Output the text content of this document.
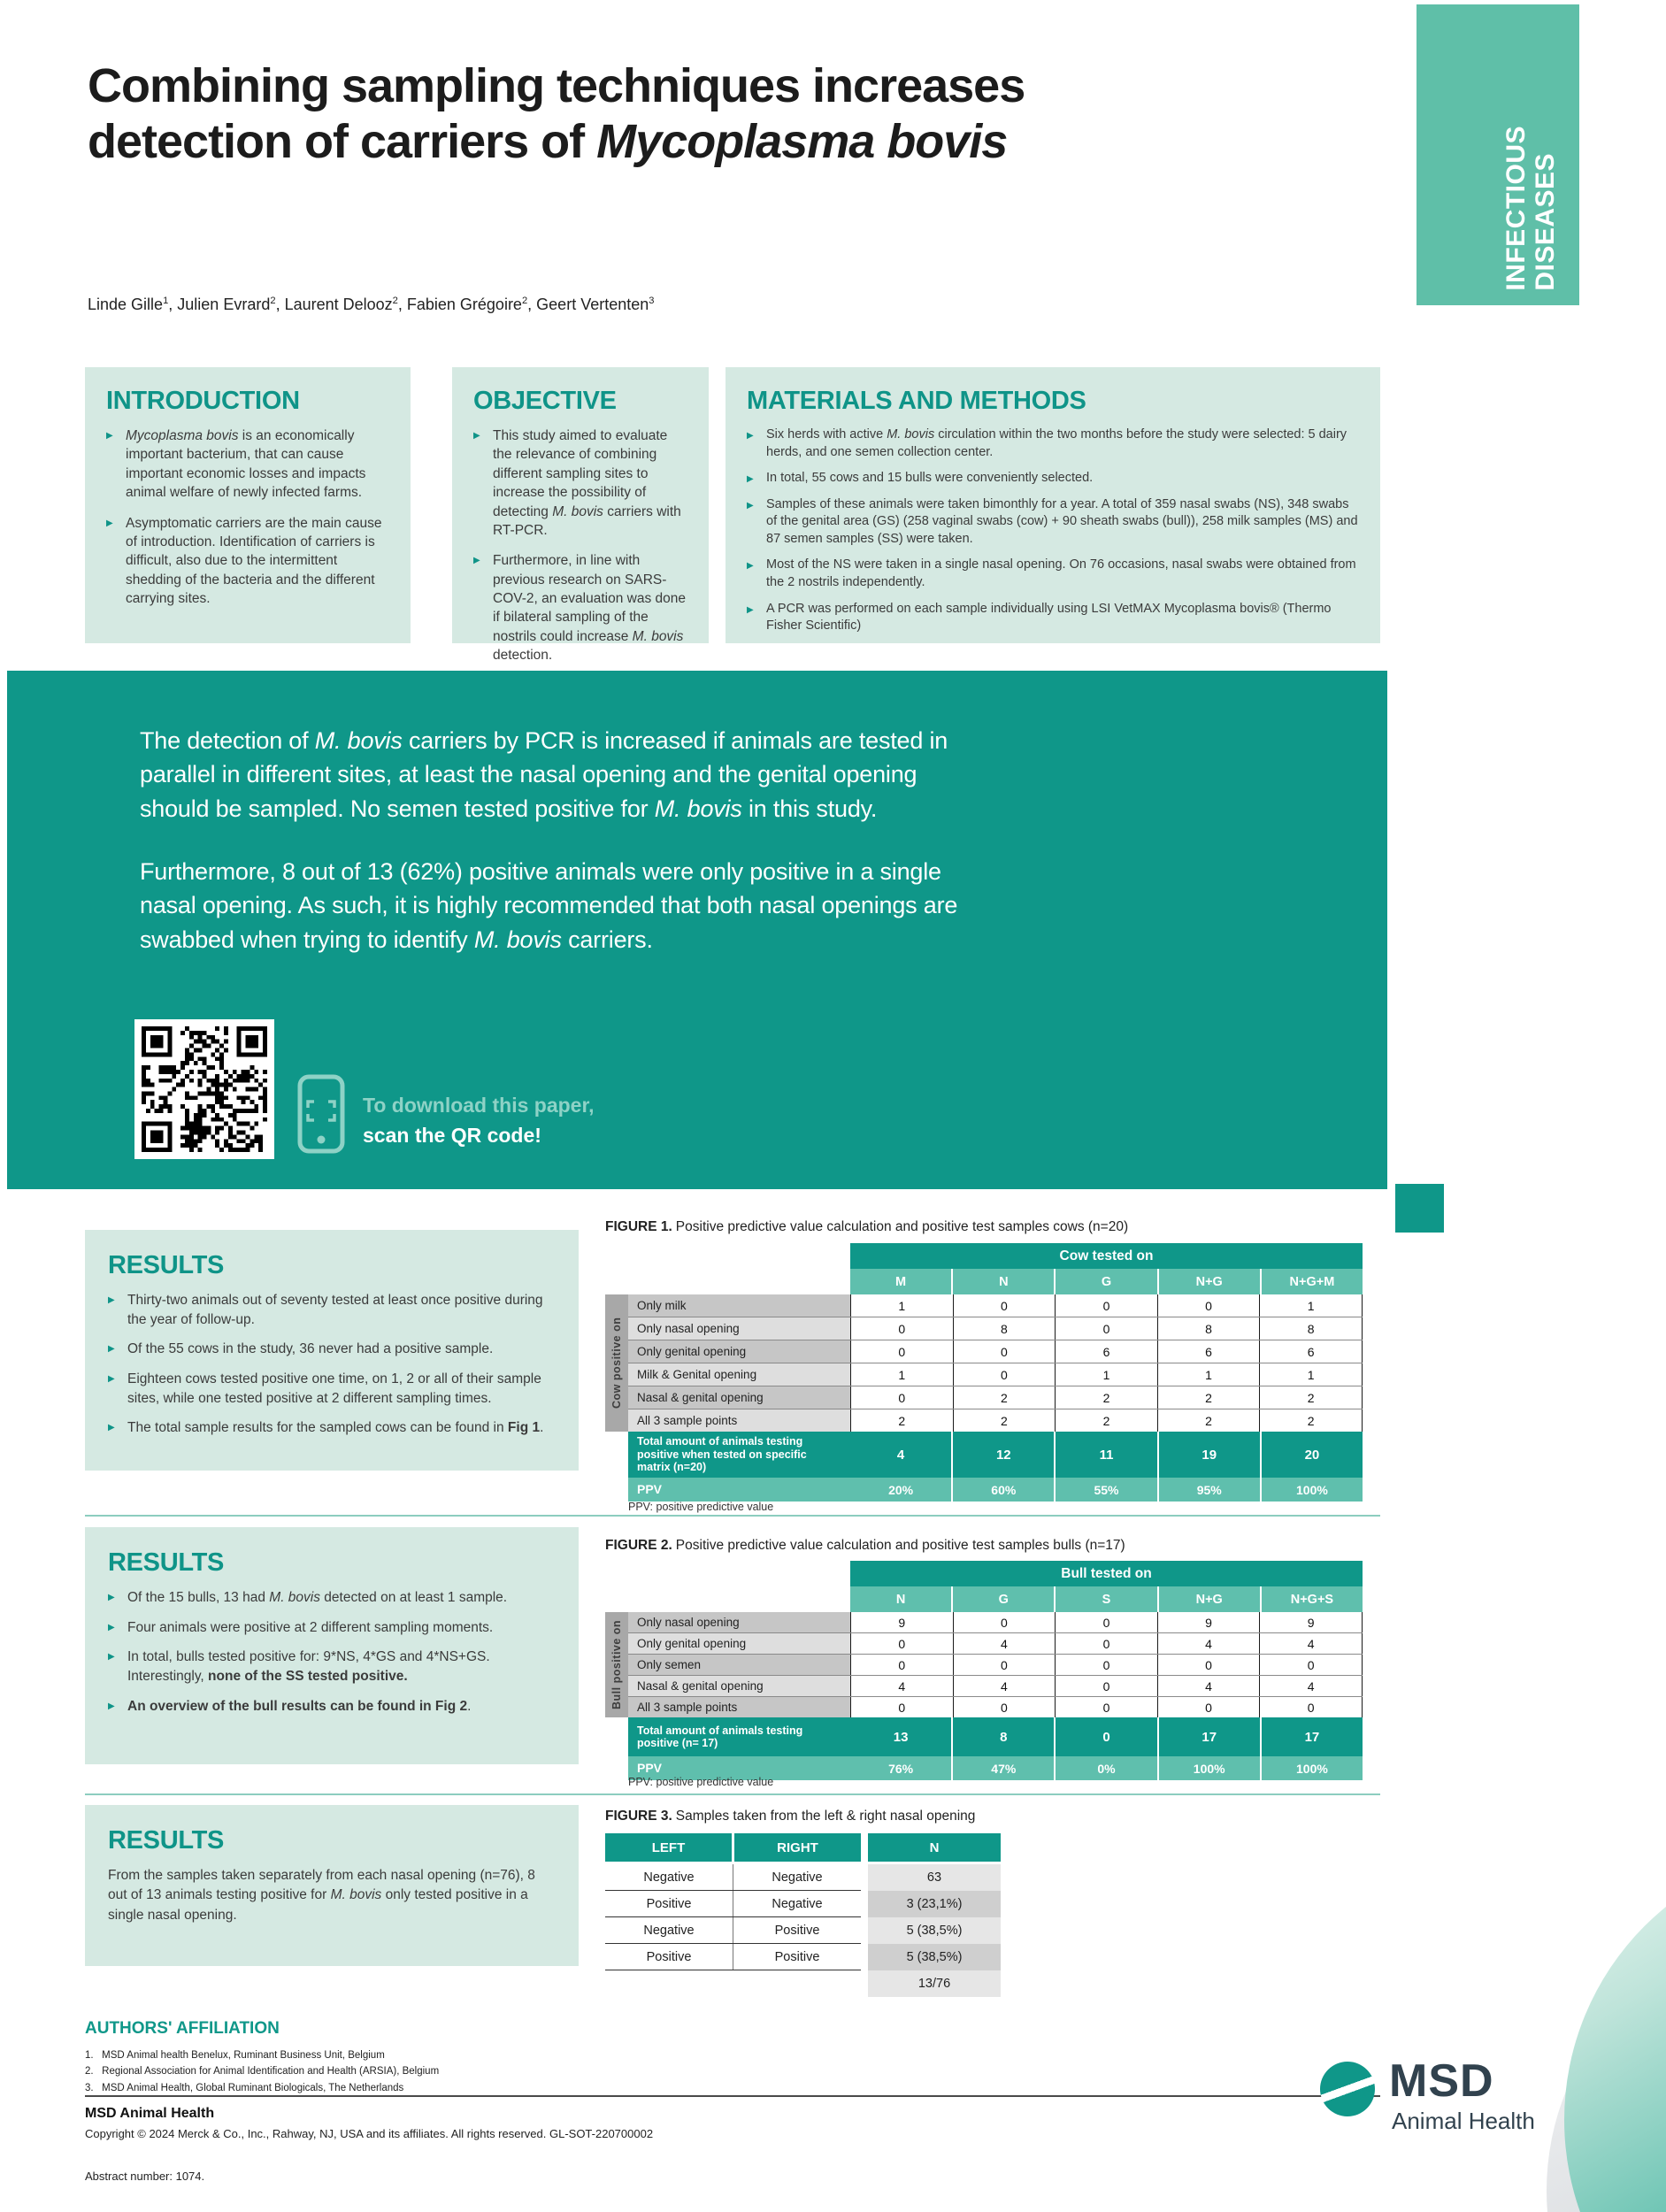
INFECTIOUS DISEASES
Combining sampling techniques increases
detection of carriers of Mycoplasma bovis
Linde Gille$^1$, Julien Evrard$^2$, Laurent Delooz$^2$, Fabien Grégoire$^2$, Geert Vertenten$^3$
INTRODUCTION
▶ Mycoplasma bovis is an economically important bacterium, that can cause important economic losses and impacts animal welfare of newly infected farms.
▶ Asymptomatic carriers are the main cause of introduction. Identification of carriers is difficult, also due to the intermittent shedding of the bacteria and the different carrying sites.
OBJECTIVE
▶ This study aimed to evaluate the relevance of combining different sampling sites to increase the possibility of detecting M. bovis carriers with RT-PCR.
▶ Furthermore, in line with previous research on SARS-COV-2, an evaluation was done if bilateral sampling of the nostrils could increase M. bovis detection.
MATERIALS AND METHODS
▶ Six herds with active M. bovis circulation within the two months before the study were selected: 5 dairy herds, and one semen collection center.
▶ In total, 55 cows and 15 bulls were conveniently selected.
▶ Samples of these animals were taken bimonthly for a year. A total of 359 nasal swabs (NS), 348 swabs of the genital area (GS) (258 vaginal swabs (cow) + 90 sheath swabs (bull)), 258 milk samples (MS) and 87 semen samples (SS) were taken.
▶ Most of the NS were taken in a single nasal opening. On 76 occasions, nasal swabs were obtained from the 2 nostrils independently.
▶ A PCR was performed on each sample individually using LSI VetMAX Mycoplasma bovis® (Thermo Fisher Scientific)

The detection of M. bovis carriers by PCR is increased if animals are tested in
parallel in different sites, at least the nasal opening and the genital opening
should be sampled. No semen tested positive for M. bovis in this study.

Furthermore, 8 out of 13 (62%) positive animals were only positive in a single
nasal opening. As such, it is highly recommended that both nasal openings are
swabbed when trying to identify M. bovis carriers.

To download this paper,
scan the QR code!
RESULTS
▶ Thirty-two animals out of seventy tested at least once positive during the year of follow-up.
▶ Of the 55 cows in the study, 36 never had a positive sample.
▶ Eighteen cows tested positive one time, on 1, 2 or all of their sample sites, while one tested positive at 2 different sampling times.
▶ The total sample results for the sampled cows can be found in Fig 1.
FIGURE 1. Positive predictive value calculation and positive test samples cows (n=20)
Cow tested on
M	N	G	N+G	N+G+M
Cow positive on
Only milk	1	0	0	0	1
Only nasal opening	0	8	0	8	8
Only genital opening	0	0	6	6	6
Milk & Genital opening	1	0	1	1	1
Nasal & genital opening	0	2	2	2	2
All 3 sample points	2	2	2	2	2
Total amount of animals testing positive when tested on specific matrix (n=20)
4	12	11	19	20
PPV	20%	60%	55%	95%	100%
PPV: positive predictive value
RESULTS
▶ Of the 15 bulls, 13 had M. bovis detected on at least 1 sample.
▶ Four animals were positive at 2 different sampling moments.
▶ In total, bulls tested positive for: 9*NS, 4*GS and 4*NS+GS. Interestingly, none of the SS tested positive.
▶ An overview of the bull results can be found in Fig 2.
FIGURE 2. Positive predictive value calculation and positive test samples bulls (n=17)
Bull tested on
N	G	S	N+G	N+G+S
Bull positive on	Only nasal opening	9	0	0	9	9
Only genital opening	0	4	0	4	4
Only semen	0	0	0	0	0
Nasal & genital opening	4	4	0	4	4
All 3 sample points	0	0	0	0	0
Total amount of animals testing positive (n= 17)	13	8	0	17	17
PPV	76%	47%	0%	100%	100%
PPV: positive predictive value
RESULTS

From the samples taken separately from each nasal opening (n=76), 8 out of 13 animals testing positive for M. bovis only tested positive in a single nasal opening.

FIGURE 3. Samples taken from the left & right nasal opening
LEFT	RIGHT	N
Negative	Negative	63
Positive	Negative	3 (23,1%)
Negative	Positive	5 (38,5%)
Positive	Positive	5 (38,5%)
13/76
AUTHORS' AFFILIATION
1.   MSD Animal health Benelux, Ruminant Business Unit, Belgium
2.   Regional Association for Animal Identification and Health (ARSIA), Belgium
3.   MSD Animal Health, Global Ruminant Biologicals, The Netherlands
MSD Animal Health
Copyright © 2024 Merck & Co., Inc., Rahway, NJ, USA and its affiliates. All rights reserved. GL-SOT-220700002
Abstract number: 1074.
MSD
Animal Health
